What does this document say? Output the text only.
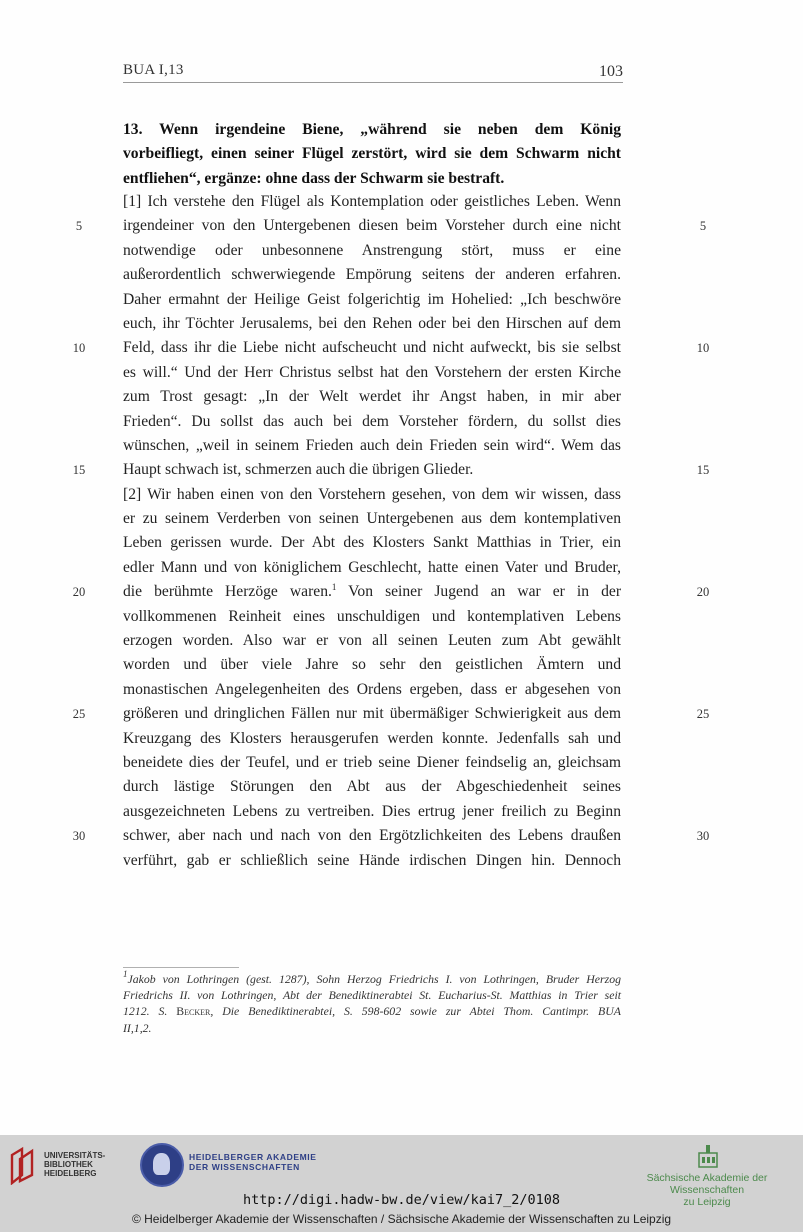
BUA I,13	103
13. Wenn irgendeine Biene, „während sie neben dem König
vorbeifliegt, einen seiner Flügel zerstört, wird sie dem Schwarm nicht
entfliehen“, ergänze: ohne dass der Schwarm sie bestraft.
[1] Ich verstehe den Flügel als Kontemplation oder geistliches Leben. Wenn
irgendeiner von den Untergebenen diesen beim Vorsteher durch eine nicht
notwendige oder unbesonnene Anstrengung stört, muss er eine
außerordentlich schwerwiegende Empörung seitens der anderen erfahren.
Daher ermahnt der Heilige Geist folgerichtig im Hohelied: „Ich beschwöre
euch, ihr Töchter Jerusalems, bei den Rehen oder bei den Hirschen auf dem
Feld, dass ihr die Liebe nicht aufscheucht und nicht aufweckt, bis sie selbst
es will.“ Und der Herr Christus selbst hat den Vorstehern der ersten Kirche
zum Trost gesagt: „In der Welt werdet ihr Angst haben, in mir aber
Frieden“. Du sollst das auch bei dem Vorsteher fördern, du sollst dies
wünschen, „weil in seinem Frieden auch dein Frieden sein wird“. Wem das
Haupt schwach ist, schmerzen auch die übrigen Glieder.
[2] Wir haben einen von den Vorstehern gesehen, von dem wir wissen, dass
er zu seinem Verderben von seinen Untergebenen aus dem kontemplativen
Leben gerissen wurde. Der Abt des Klosters Sankt Matthias in Trier, ein
edler Mann und von königlichem Geschlecht, hatte einen Vater und Bruder,
die berühmte Herzöge waren.$^1$ Von seiner Jugend an war er in der
vollkommenen Reinheit eines unschuldigen und kontemplativen Lebens
erzogen worden. Also war er von all seinen Leuten zum Abt gewählt
worden und über viele Jahre so sehr den geistlichen Ämtern und
monastischen Angelegenheiten des Ordens ergeben, dass er abgesehen von
größeren und dringlichen Fällen nur mit übermäßiger Schwierigkeit aus dem
Kreuzgang des Klosters herausgerufen werden konnte. Jedenfalls sah und
beneidete dies der Teufel, und er trieb seine Diener feindselig an, gleichsam
durch lästige Störungen den Abt aus der Abgeschiedenheit seines
ausgezeichneten Lebens zu vertreiben. Dies ertrug jener freilich zu Beginn
schwer, aber nach und nach von den Ergötzlichkeiten des Lebens draußen
verführt, gab er schließlich seine Hände irdischen Dingen hin. Dennoch
5	5
10	10
15	15
20	20
25	25
30	30
$^1$Jakob von Lothringen (gest. 1287), Sohn Herzog Friedrichs I. von Lothringen, Bruder Herzog
Friedrichs II. von Lothringen, Abt der Benediktinerabtei St. Eucharius-St. Matthias in Trier seit
1212. S. Becker, Die Benediktinerabtei, S. 598-602 sowie zur Abtei Thom. Cantimpr. BUA
II,1,2.
UNIVERSITÄTS-
BIBLIOTHEK
HEIDELBERG
HEIDELBERGER AKADEMIE
DER WISSENSCHAFTEN
Sächsische Akademie der Wissenschaften
zu Leipzig
http://digi.hadw-bw.de/view/kai7_2/0108
© Heidelberger Akademie der Wissenschaften / Sächsische Akademie der Wissenschaften zu Leipzig
